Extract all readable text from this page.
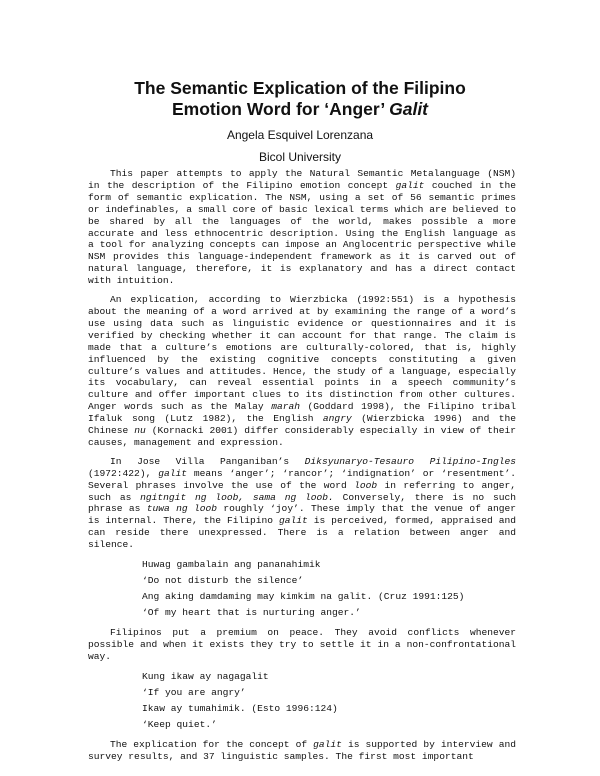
The Semantic Explication of the Filipino
Emotion Word for ‘Anger’ Galit

Angela Esquivel Lorenzana

Bicol University

This paper attempts to apply the Natural Semantic Metalanguage (NSM) in the description of the Filipino emotion concept galit couched in the form of semantic explication. The NSM, using a set of 56 semantic primes or indefinables, a small core of basic lexical terms which are believed to be shared by all the languages of the world, makes possible a more accurate and less ethnocentric description. Using the English language as a tool for analyzing concepts can impose an Anglocentric perspective while NSM provides this language-independent framework as it is carved out of natural language, therefore, it is explanatory and has a direct contact with intuition.

An explication, according to Wierzbicka (1992:551) is a hypothesis about the meaning of a word arrived at by examining the range of a word’s use using data such as linguistic evidence or questionnaires and it is verified by checking whether it can account for that range. The claim is made that a culture’s emotions are culturally-colored, that is, highly influenced by the existing cognitive concepts constituting a given culture’s values and attitudes. Hence, the study of a language, especially its vocabulary, can reveal essential points in a speech community’s culture and offer important clues to its distinction from other cultures. Anger words such as the Malay marah (Goddard 1998), the Filipino tribal Ifaluk song (Lutz 1982), the English angry (Wierzbicka 1996) and the Chinese nu (Kornacki 2001) differ considerably especially in view of their causes, management and expression.

In Jose Villa Panganiban’s Diksyunaryo-Tesauro Pilipino-Ingles (1972:422), galit means ‘anger’; ‘rancor’; ‘indignation’ or ‘resentment’. Several phrases involve the use of the word loob in referring to anger, such as ngitngit ng loob, sama ng loob. Conversely, there is no such phrase as tuwa ng loob roughly ‘joy’. These imply that the venue of anger is internal. There, the Filipino galit is perceived, formed, appraised and can reside there unexpressed. There is a relation between anger and silence.

Huwag gambalain ang pananahimik
‘Do not disturb the silence’
Ang aking damdaming may kimkim na galit. (Cruz 1991:125)
‘Of my heart that is nurturing anger.’

Filipinos put a premium on peace. They avoid conflicts whenever possible and when it exists they try to settle it in a non-confrontational way.

Kung ikaw ay nagagalit
‘If you are angry’
Ikaw ay tumahimik. (Esto 1996:124)
‘Keep quiet.’

The explication for the concept of galit is supported by interview and survey results, and 37 linguistic samples. The first most important
